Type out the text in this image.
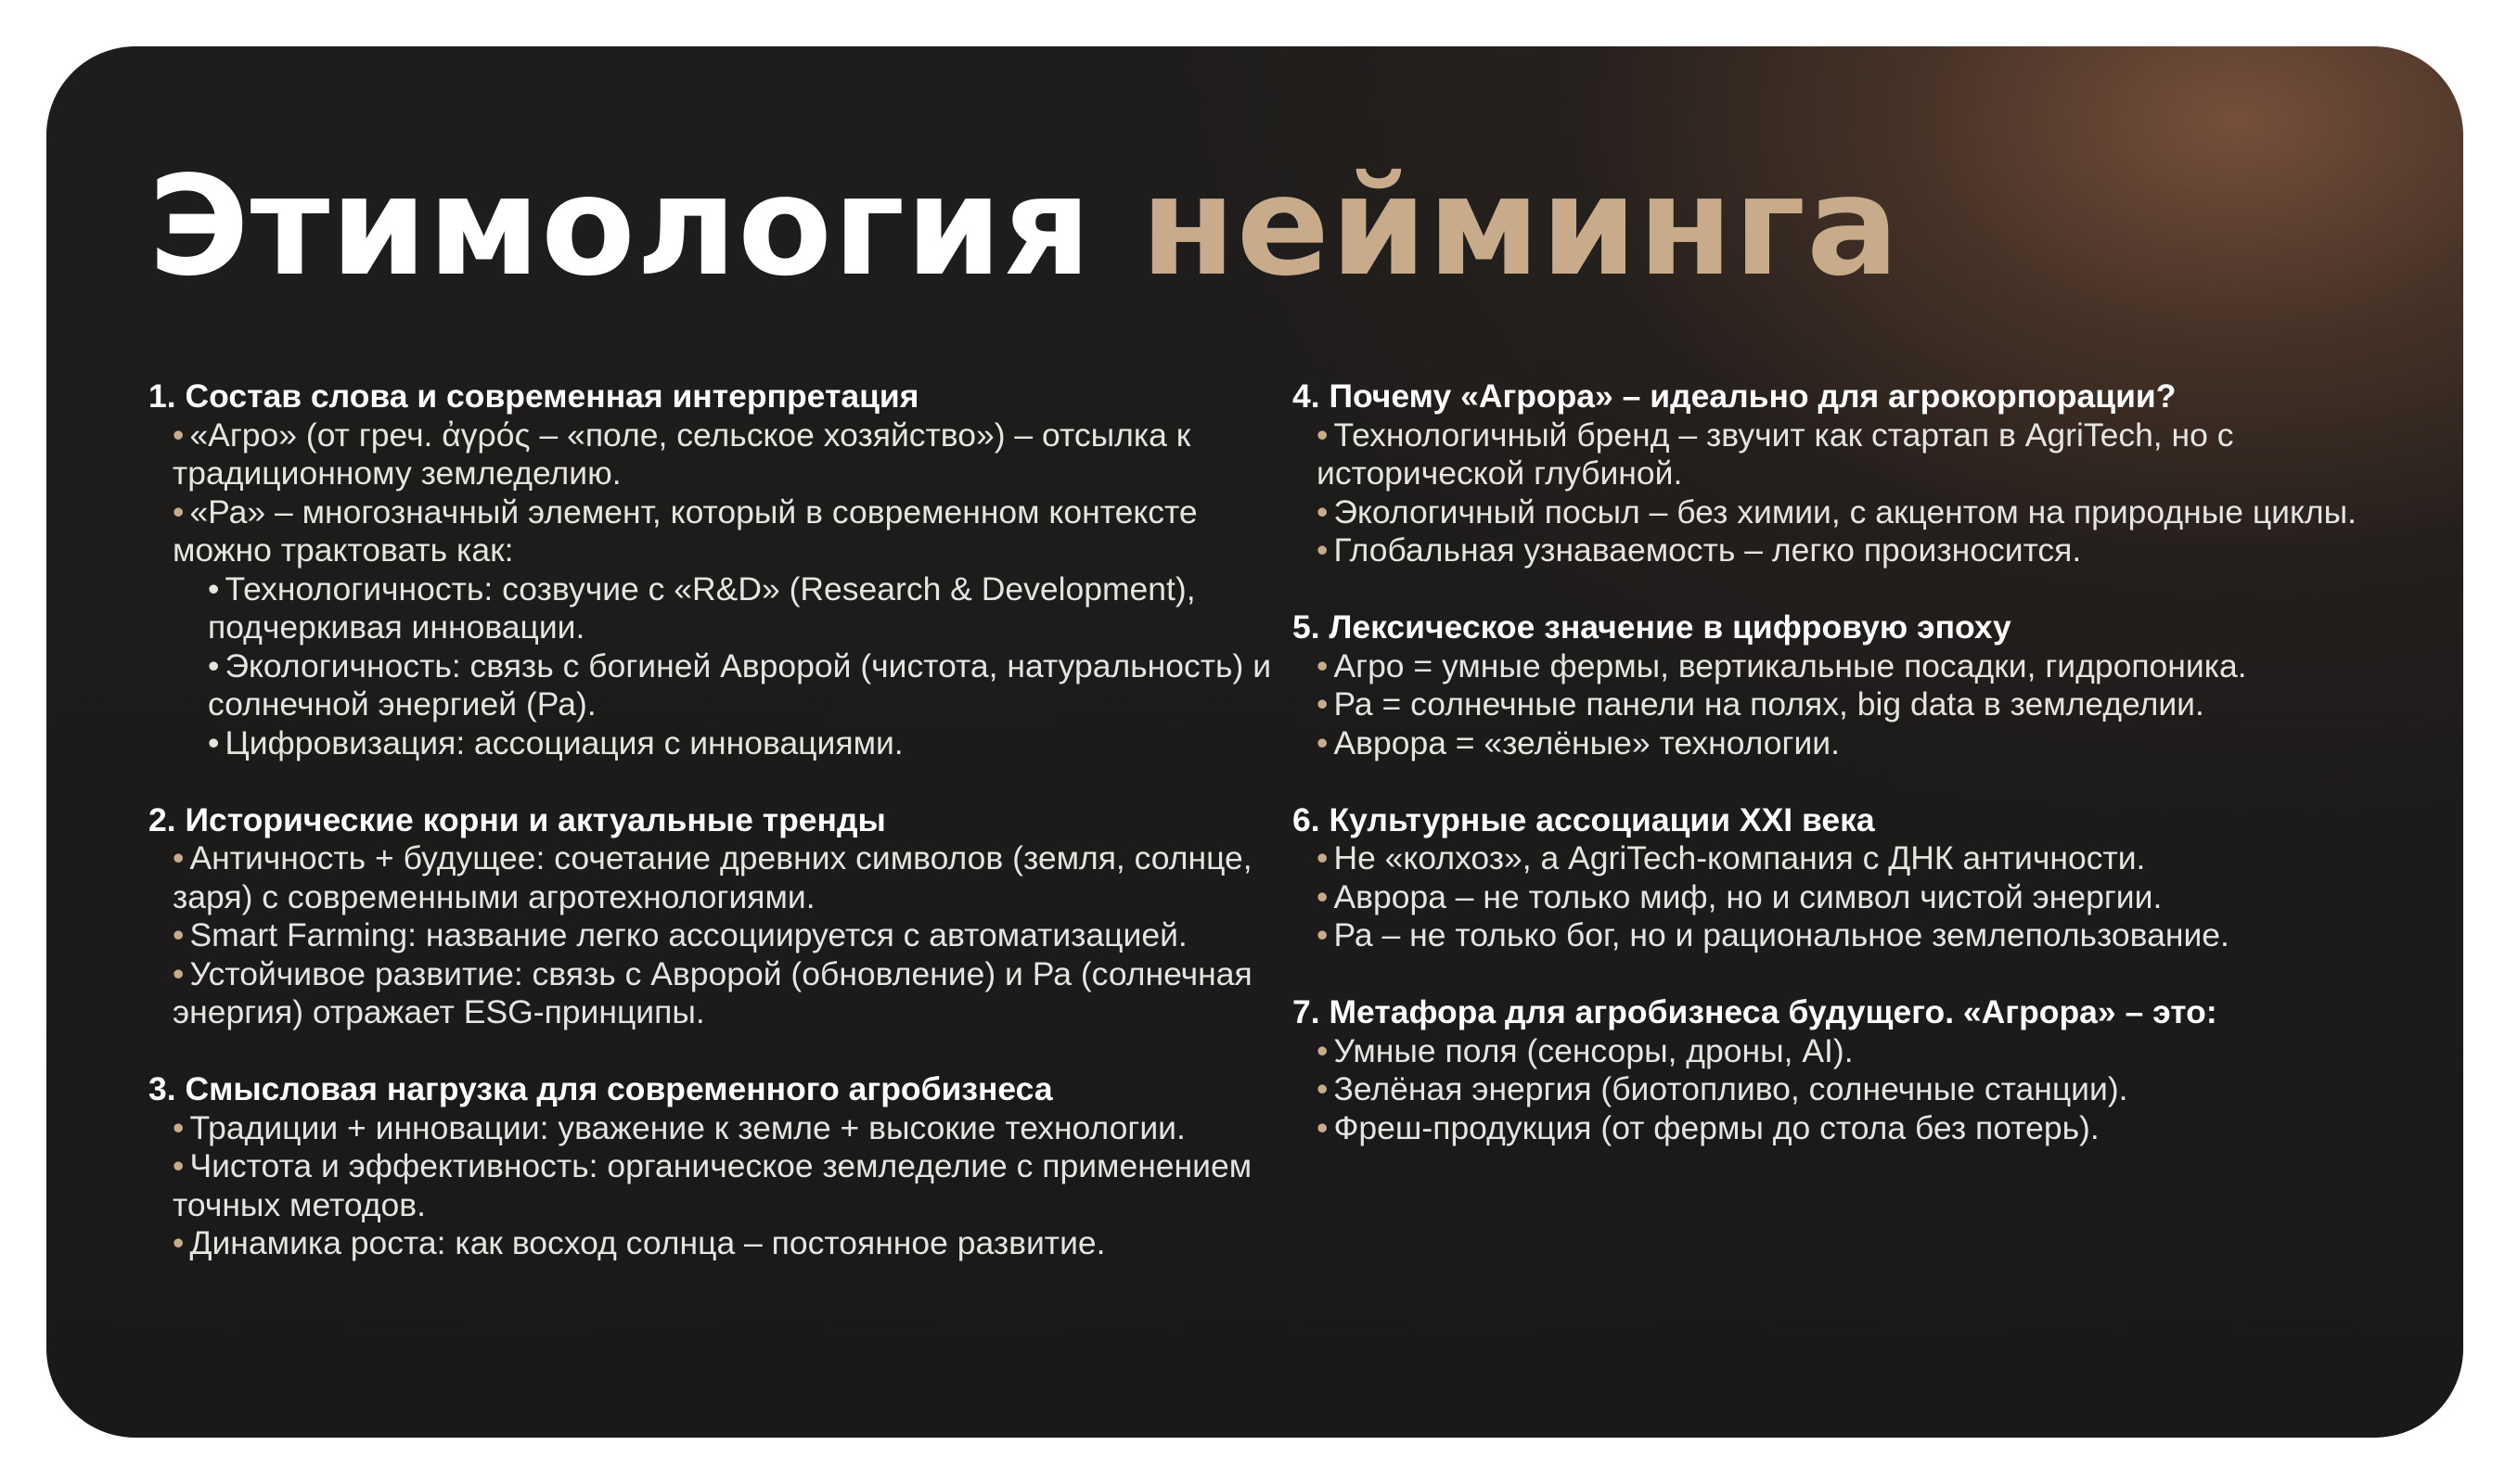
Этимология нейминга

1. Состав слова и современная интерпретация

• «Агро» (от греч. ἀγρός – «поле, сельское хозяйство») – отсылка к традиционному земледелию.

• «Ра» – многозначный элемент, который в современном контексте можно трактовать как:

• Технологичность: созвучие с «R&D» (Research & Development), подчеркивая инновации.

• Экологичность: связь с богиней Авророй (чистота, натуральность) и солнечной энергией (Ра).

• Цифровизация: ассоциация с инновациями.

2. Исторические корни и актуальные тренды

• Античность + будущее: сочетание древних символов (земля, солнце, заря) с современными агротехнологиями.

• Smart Farming: название легко ассоциируется с автоматизацией.

• Устойчивое развитие: связь с Авророй (обновление) и Ра (солнечная энергия) отражает ESG-принципы.

3. Смысловая нагрузка для современного агробизнеса

• Традиции + инновации: уважение к земле + высокие технологии.

• Чистота и эффективность: органическое земледелие с применением точных методов.

• Динамика роста: как восход солнца – постоянное развитие.

4. Почему «Агрора» – идеально для агрокорпорации?

• Технологичный бренд – звучит как стартап в AgriTech, но с исторической глубиной.

• Экологичный посыл – без химии, с акцентом на природные циклы.

• Глобальная узнаваемость – легко произносится.

5. Лексическое значение в цифровую эпоху

• Агро = умные фермы, вертикальные посадки, гидропоника.

• Ра = солнечные панели на полях, big data в земледелии.

• Аврора = «зелёные» технологии.

6. Культурные ассоциации XXI века

• Не «колхоз», а AgriTech-компания с ДНК античности.

• Аврора – не только миф, но и символ чистой энергии.

• Ра – не только бог, но и рациональное землепользование.

7. Метафора для агробизнеса будущего. «Агрора» – это:

• Умные поля (сенсоры, дроны, AI).

• Зелёная энергия (биотопливо, солнечные станции).

• Фреш-продукция (от фермы до стола без потерь).
